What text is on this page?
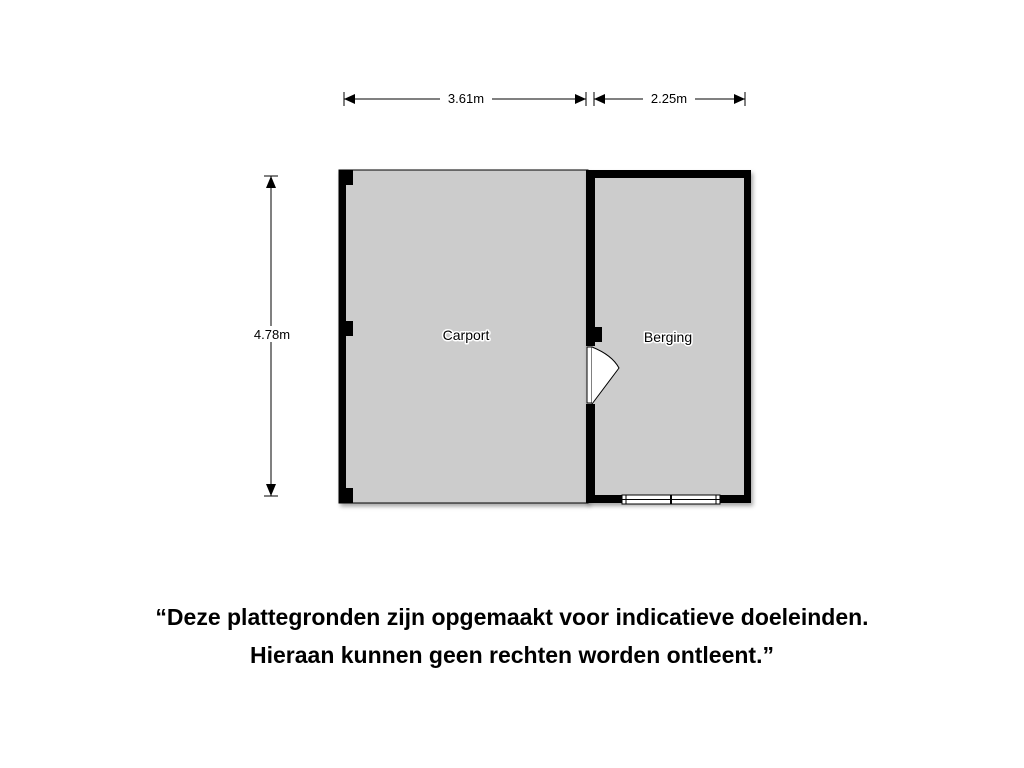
3.61m	2.25m
4.78m	Carport	Berging
“Deze plattegronden zijn opgemaakt voor indicatieve doeleinden.
Hieraan kunnen geen rechten worden ontleent.”
